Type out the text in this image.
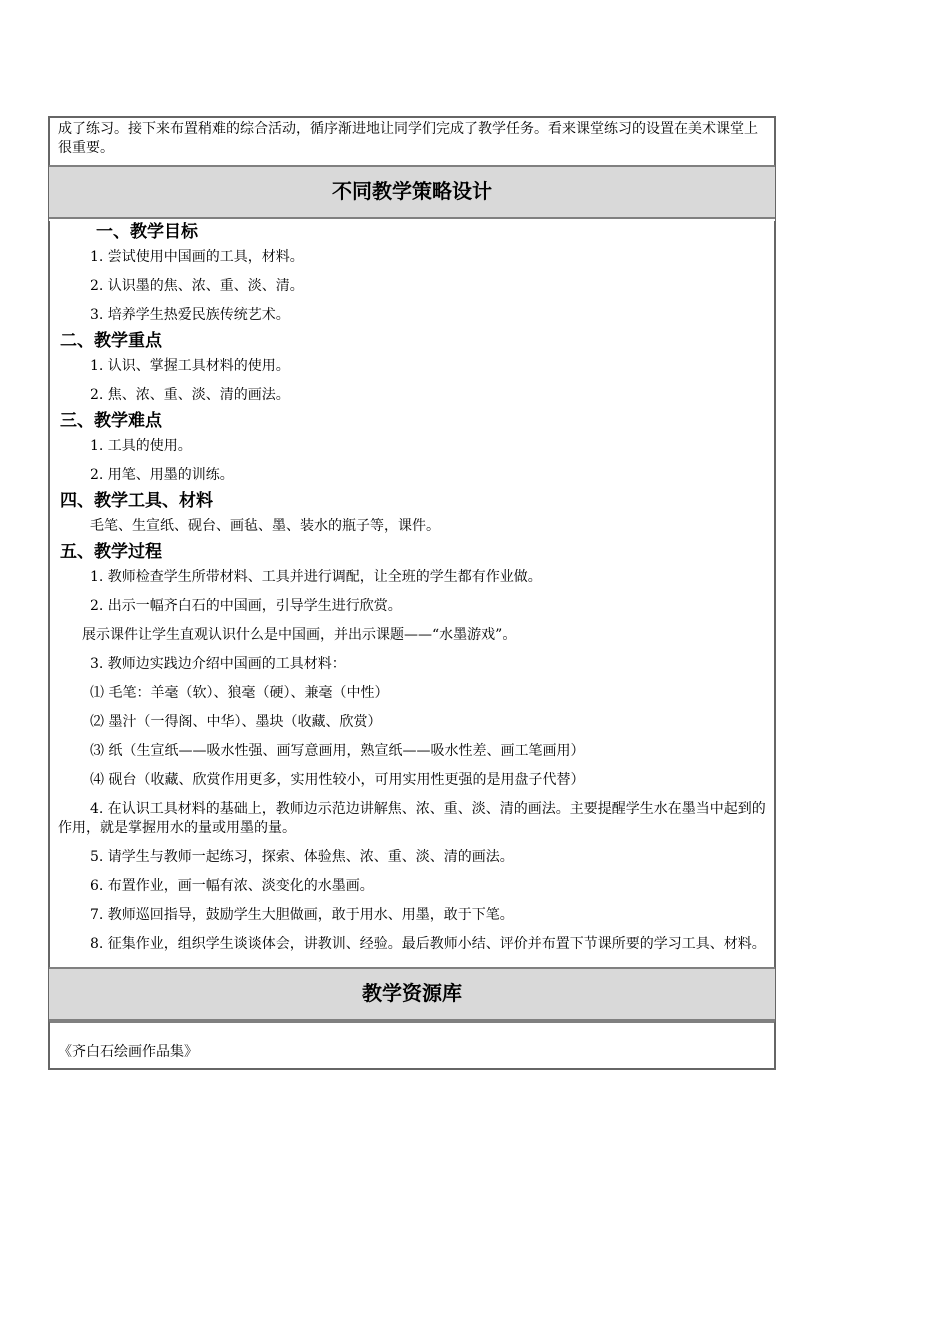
成了练习。接下来布置稍难的综合活动，循序渐进地让同学们完成了教学任务。看来课堂练习的设置在美术课堂上很重要。
不同教学策略设计
一、教学目标
1. 尝试使用中国画的工具，材料。
2. 认识墨的焦、浓、重、淡、清。
3. 培养学生热爱民族传统艺术。
二、教学重点
1. 认识、掌握工具材料的使用。
2. 焦、浓、重、淡、清的画法。
三、教学难点
1. 工具的使用。
2. 用笔、用墨的训练。
四、教学工具、材料
毛笔、生宣纸、砚台、画毡、墨、装水的瓶子等，课件。
五、教学过程
1. 教师检查学生所带材料、工具并进行调配，让全班的学生都有作业做。
2. 出示一幅齐白石的中国画，引导学生进行欣赏。
展示课件让学生直观认识什么是中国画，并出示课题——“水墨游戏”。
3. 教师边实践边介绍中国画的工具材料：
⑴ 毛笔：羊毫（软）、狼毫（硬）、兼毫（中性）
⑵ 墨汁（一得阁、中华）、墨块（收藏、欣赏）
⑶ 纸（生宣纸——吸水性强、画写意画用，熟宣纸——吸水性差、画工笔画用）
⑷ 砚台（收藏、欣赏作用更多，实用性较小，可用实用性更强的是用盘子代替）
4. 在认识工具材料的基础上，教师边示范边讲解焦、浓、重、淡、清的画法。主要提醒学生水在墨当中起到的作用，就是掌握用水的量或用墨的量。
5. 请学生与教师一起练习，探索、体验焦、浓、重、淡、清的画法。
6. 布置作业，画一幅有浓、淡变化的水墨画。
7. 教师巡回指导，鼓励学生大胆做画，敢于用水、用墨，敢于下笔。
8. 征集作业，组织学生谈谈体会，讲教训、经验。最后教师小结、评价并布置下节课所要的学习工具、材料。
教学资源库
《齐白石绘画作品集》
